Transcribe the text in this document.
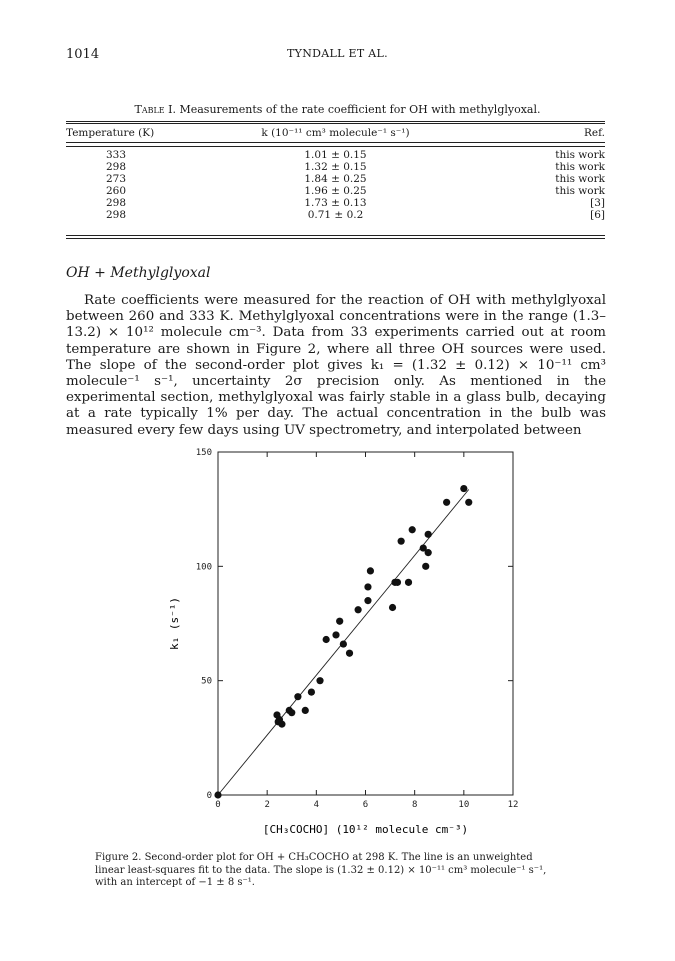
1014	TYNDALL ET AL.
Table I. Measurements of the rate coefficient for OH with methylglyoxal.
Temperature (K)	k (10⁻¹¹ cm³ molecule⁻¹ s⁻¹)	Ref.

333	1.01 ± 0.15	this work
298	1.32 ± 0.15	this work
273	1.84 ± 0.25	this work
260	1.96 ± 0.25	this work
298	1.73 ± 0.13	[3]
298	0.71 ± 0.2	[6]
OH + Methylglyoxal
Rate coefficients were measured for the reaction of OH with methylglyoxal between 260 and 333 K. Methylglyoxal concentrations were in the range (1.3–13.2) × 10¹² molecule cm⁻³. Data from 33 experiments carried out at room temperature are shown in Figure 2, where all three OH sources were used. The slope of the second-order plot gives k₁ = (1.32 ± 0.12) × 10⁻¹¹ cm³ molecule⁻¹ s⁻¹, uncertainty 2σ precision only. As mentioned in the experimental section, methylglyoxal was fairly stable in a glass bulb, decaying at a rate typically 1% per day. The actual concentration in the bulb was measured every few days using UV spectrometry, and interpolated between
0	2	4	6	8	10	12
0
50
100
150
[CH₃COCHO] (10¹² molecule cm⁻³)
k₁ (s⁻¹)
Figure 2. Second-order plot for OH + CH₃COCHO at 298 K. The line is an unweighted linear least-squares fit to the data. The slope is (1.32 ± 0.12) × 10⁻¹¹ cm³ molecule⁻¹ s⁻¹, with an intercept of −1 ± 8 s⁻¹.
